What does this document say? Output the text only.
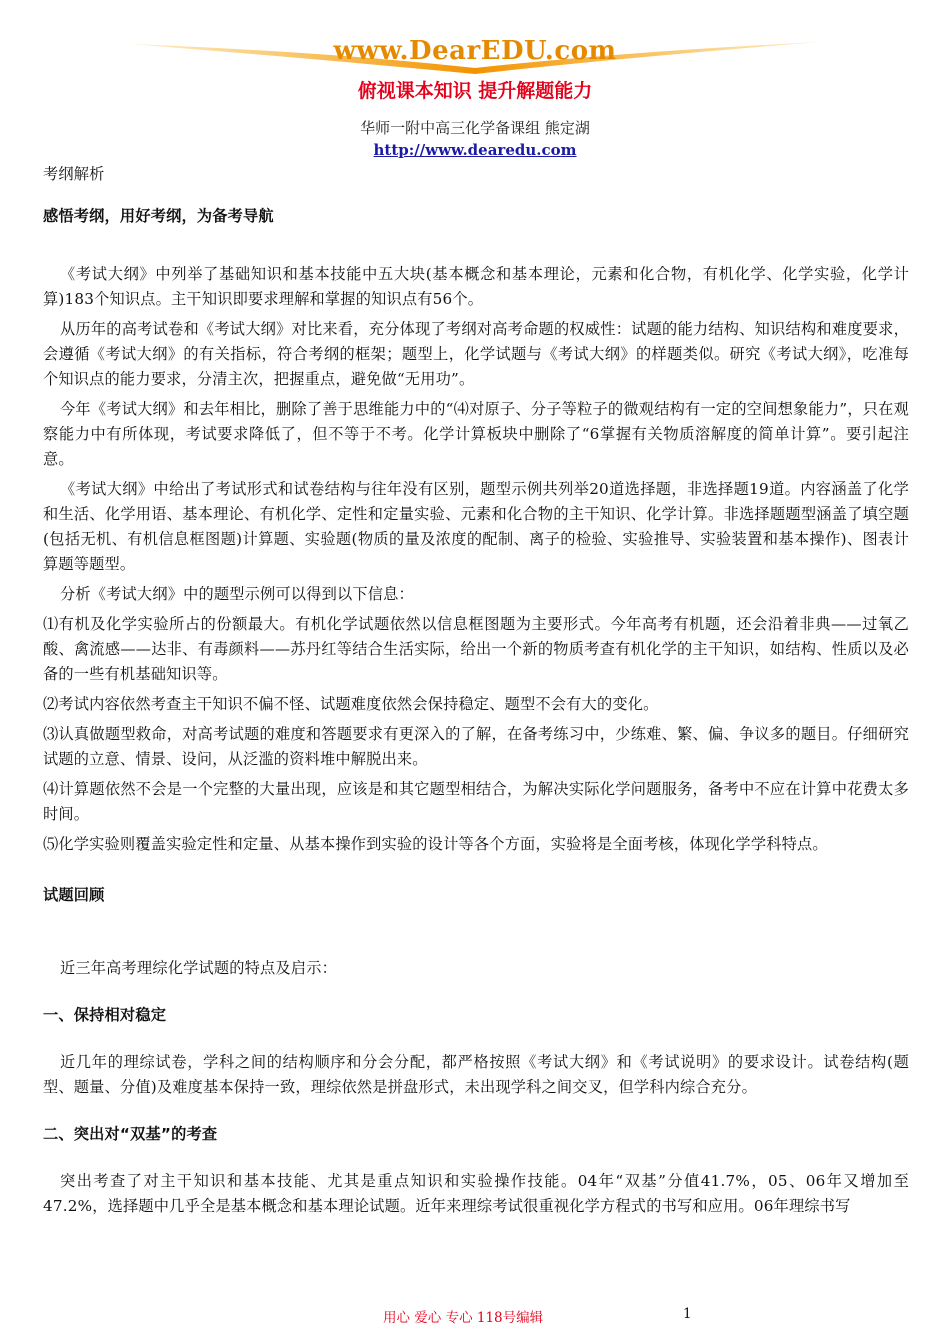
www.DearEDU.com
俯视课本知识 提升解题能力
华师一附中高三化学备课组 熊定湖
http://www.dearedu.com

考纲解析

感悟考纲，用好考纲，为备考导航

《考试大纲》中列举了基础知识和基本技能中五大块(基本概念和基本理论，元素和化合物，有机化学、化学实验，化学计算)183个知识点。主干知识即要求理解和掌握的知识点有56个。

从历年的高考试卷和《考试大纲》对比来看，充分体现了考纲对高考命题的权威性：试题的能力结构、知识结构和难度要求，会遵循《考试大纲》的有关指标，符合考纲的框架；题型上，化学试题与《考试大纲》的样题类似。研究《考试大纲》，吃准每个知识点的能力要求，分清主次，把握重点，避免做“无用功”。

今年《考试大纲》和去年相比，删除了善于思维能力中的“⑷对原子、分子等粒子的微观结构有一定的空间想象能力”，只在观察能力中有所体现，考试要求降低了，但不等于不考。化学计算板块中删除了“6掌握有关物质溶解度的简单计算”。要引起注意。

《考试大纲》中给出了考试形式和试卷结构与往年没有区别，题型示例共列举20道选择题，非选择题19道。内容涵盖了化学和生活、化学用语、基本理论、有机化学、定性和定量实验、元素和化合物的主干知识、化学计算。非选择题题型涵盖了填空题(包括无机、有机信息框图题)计算题、实验题(物质的量及浓度的配制、离子的检验、实验推导、实验装置和基本操作)、图表计算题等题型。

分析《考试大纲》中的题型示例可以得到以下信息：

⑴有机及化学实验所占的份额最大。有机化学试题依然以信息框图题为主要形式。今年高考有机题，还会沿着非典——过氧乙酸、禽流感——达非、有毒颜料——苏丹红等结合生活实际，给出一个新的物质考查有机化学的主干知识，如结构、性质以及必备的一些有机基础知识等。

⑵考试内容依然考查主干知识不偏不怪、试题难度依然会保持稳定、题型不会有大的变化。

⑶认真做题型救命，对高考试题的难度和答题要求有更深入的了解，在备考练习中，少练难、繁、偏、争议多的题目。仔细研究试题的立意、情景、设问，从泛滥的资料堆中解脱出来。

⑷计算题依然不会是一个完整的大量出现，应该是和其它题型相结合，为解决实际化学问题服务，备考中不应在计算中花费太多时间。

⑸化学实验则覆盖实验定性和定量、从基本操作到实验的设计等各个方面，实验将是全面考核，体现化学学科特点。

试题回顾

近三年高考理综化学试题的特点及启示：

一、保持相对稳定

近几年的理综试卷，学科之间的结构顺序和分会分配，都严格按照《考试大纲》和《考试说明》的要求设计。试卷结构(题型、题量、分值)及难度基本保持一致，理综依然是拼盘形式，未出现学科之间交叉，但学科内综合充分。

二、突出对“双基”的考查

突出考查了对主干知识和基本技能、尤其是重点知识和实验操作技能。04年“双基”分值41.7%，05、06年又增加至47.2%，选择题中几乎全是基本概念和基本理论试题。近年来理综考试很重视化学方程式的书写和应用。06年理综书写

用心 爱心 专心 118号编辑	1
